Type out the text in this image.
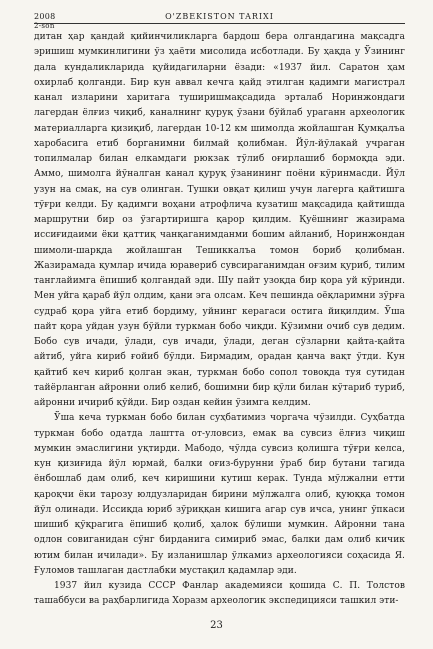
2008	O'ZBEKISTON TARIXI
2-son

дитан ҳар қандай қийинчиликларга бардош бера олгандагина мақсадга эришиш мумкинлигини ўз ҳаёти мисолида исботлади. Бу ҳақда у Ўзининг дала кундаликларида қуйидагиларни ёзади: «1937 йил. Саратон ҳам охирлаб қолганди. Бир кун аввал кечга қайд этилган қадимги магистрал канал изларини харитага туширишмақсадида эрталаб Норинжондаги лагердан ёлғиз чиқиб, каналнинг қуруқ ўзани бўйлаб ураганн археологик материалларга қизиқиб, лагердан 10-12 км шимолда жойлашган Қумқалъа харобасига етиб борганимни билмай қолибман. Йўл-йўлакай учраган топилмалар билан елкамдаги рюкзак тўлиб оғирлашиб бормоқда эди. Аммо, шимолга йўналган канал қуруқ ўзанининг поёни кўринмасди. Йўл узун на смак, на сув олинган. Тушки овқат қилиш учун лагерга қайтишга тўғри келди. Бу қадимги воҳани атрофлича кузатиш мақсадида қайтишда маршрутни бир оз ўзгартиришга қарор қилдим. Қуёшнинг жазирама иссиғидаими ёки қаттиқ чанқаганимданми бошим айланиб, Норинжондан шимоли-шарқда жойлашган Тешиккалъа томон бориб қолибман. Жазирамада қумлар ичида юравериб сувсираганимдан оғзим қуриб, тилим танглайимга ёпишиб қолгандай эди. Шу пайт узоқда бир қора уй кўринди. Мен уйга қараб йўл олдим, қани эга олсам. Кеч пешинда оёқларимни зўрға судраб қора уйга етиб бордиму, уйнинг керагаси остига йиқилдим. Ўша пайт қора уйдан узун бўйли туркман бобо чиқди. Кўзимни очиб сув дедим. Бобо сув ичади, ўлади, сув ичади, ўлади, деган сўзларни қайта-қайта айтиб, уйга кириб ғойиб бўлди. Бирмадим, орадан қанча вақт ўтди. Кун қайтиб кеч кириб қолган экан, туркман бобо сопол товоқда туя сутидан тайёрланган айронни олиб келиб, бошимни бир қўли билан кўтариб туриб, айронни ичириб қўйди. Бир оздан кейин ўзимга келдим.

Ўша кеча туркман бобо билан суҳбатимиз чоргача чўзилди. Суҳбатда туркман бобо одатда лаштта от-уловсиз, емак ва сувсиз ёлғиз чиқиш мумкин эмаслигини уқтирди. Мабодо, чўлда сувсиз қолишга тўғри келса, кун қизиғида йўл юрмай, балки оғиз-бурунни ўраб бир бутани тагида ёнбошлаб дам олиб, кеч киришини кутиш керак. Тунда мўлжални етти қароқчи ёки тарозу юлдузларидан бирини мўлжалга олиб, қуюққа томон йўл олинади. Иссиқда юриб зўриққан кишига агар сув ичса, унинг ўпкаси шишиб қўқрагига ёпишиб қолиб, ҳалок бўлиши мумкин. Айронни тана одлон совиганидан сўнг бирданига симириб эмас, балки дам олиб кичик ютим билан ичилади». Бу изланишлар ўлкамиз археологияси соҳасида Я. Ғуломов ташлаган дастлабки мустақил қадамлар эди.

1937 йил кузида СССР Фанлар академияси қошида С. П. Толстов ташаббуси ва раҳбарлигида Хоразм археологик экспедицияси ташкил эти-

23
